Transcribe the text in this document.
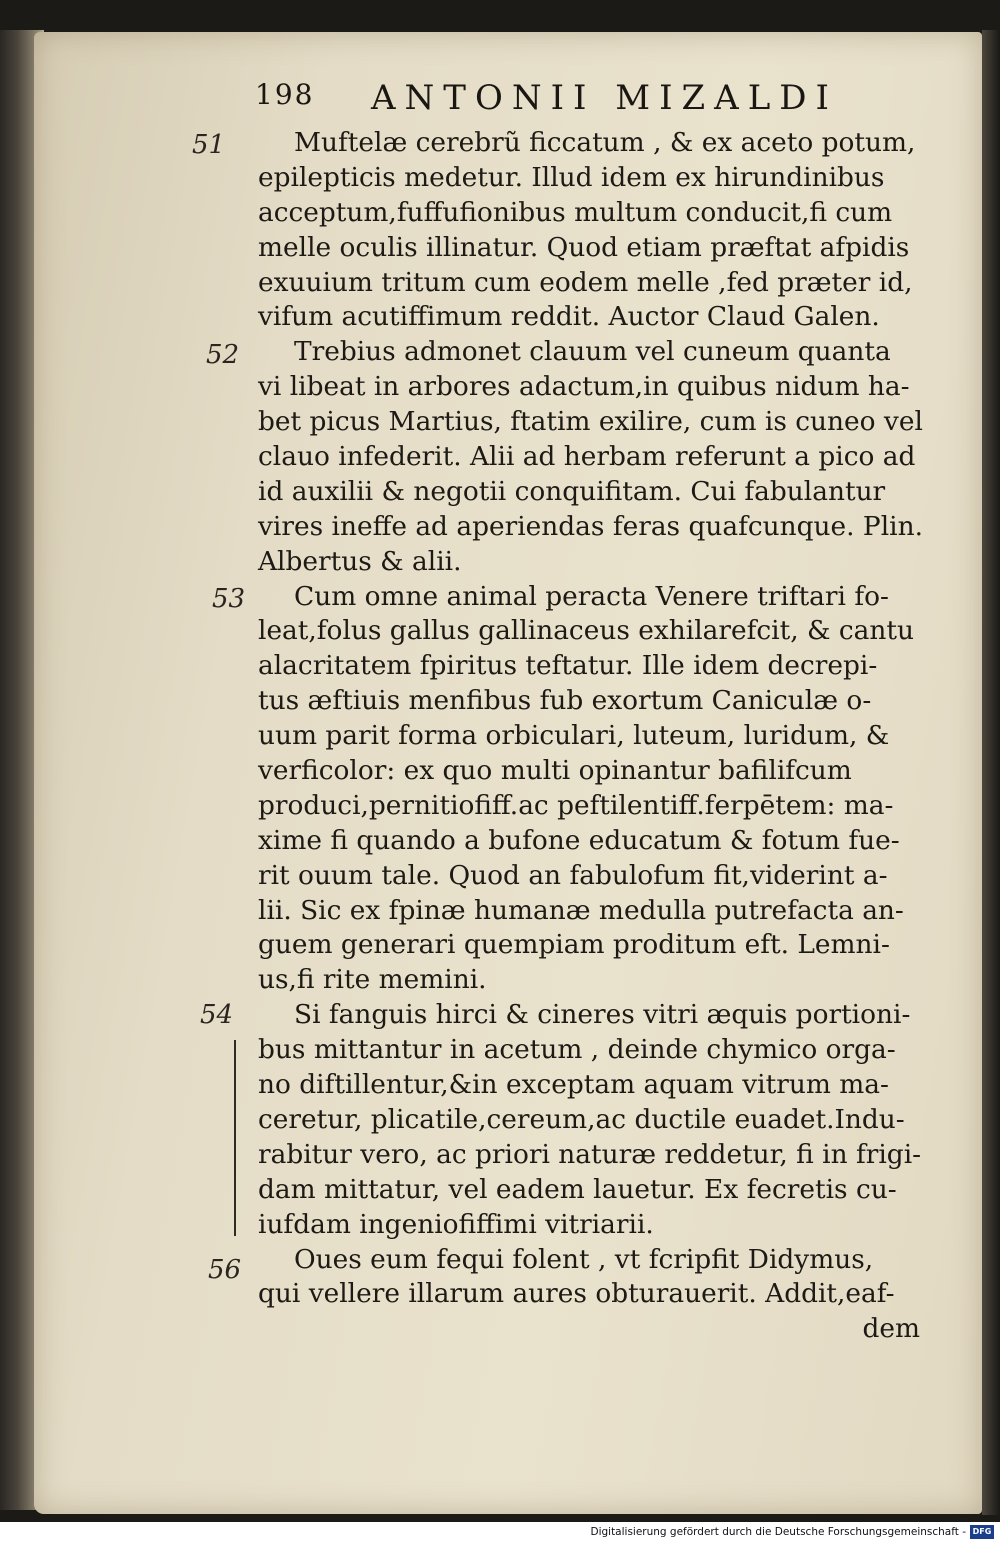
198 ANTONII MIZALDI
51
52
53
54
56
Muftelæ cerebrũ ficcatum , & ex aceto potum,
epilepticis medetur. Illud idem ex hirundinibus
acceptum,fuffufionibus multum conducit,fi cum
melle oculis illinatur. Quod etiam præftat afpidis
exuuium tritum cum eodem melle ,fed præter id,
vifum acutiffimum reddit. Auctor Claud Galen.
Trebius admonet clauum vel cuneum quanta
vi libeat in arbores adactum,in quibus nidum ha-
bet picus Martius, ftatim exilire, cum is cuneo vel
clauo infederit. Alii ad herbam referunt a pico ad
id auxilii & negotii conquifitam. Cui fabulantur
vires ineffe ad aperiendas feras quafcunque. Plin.
Albertus & alii.
Cum omne animal peracta Venere triftari fo-
leat,folus gallus gallinaceus exhilarefcit, & cantu
alacritatem fpiritus teftatur. Ille idem decrepi-
tus æftiuis menfibus fub exortum Caniculæ o-
uum parit forma orbiculari, luteum, luridum, &
verficolor: ex quo multi opinantur bafilifcum
produci,pernitiofiff.ac peftilentiff.ferpētem: ma-
xime fi quando a bufone educatum & fotum fue-
rit ouum tale. Quod an fabulofum fit,viderint a-
lii. Sic ex fpinæ humanæ medulla putrefacta an-
guem generari quempiam proditum eft. Lemni-
us,fi rite memini.
Si fanguis hirci & cineres vitri æquis portioni-
bus mittantur in acetum , deinde chymico orga-
no diftillentur,&in exceptam aquam vitrum ma-
ceretur, plicatile,cereum,ac ductile euadet.Indu-
rabitur vero, ac priori naturæ reddetur, fi in frigi-
dam mittatur, vel eadem lauetur. Ex fecretis cu-
iufdam ingeniofiffimi vitriarii.
Oues eum fequi folent , vt fcripfit Didymus,
qui vellere illarum aures obturauerit. Addit,eaf-
dem
Digitalisierung gefördert durch die Deutsche Forschungsgemeinschaft - DFG
